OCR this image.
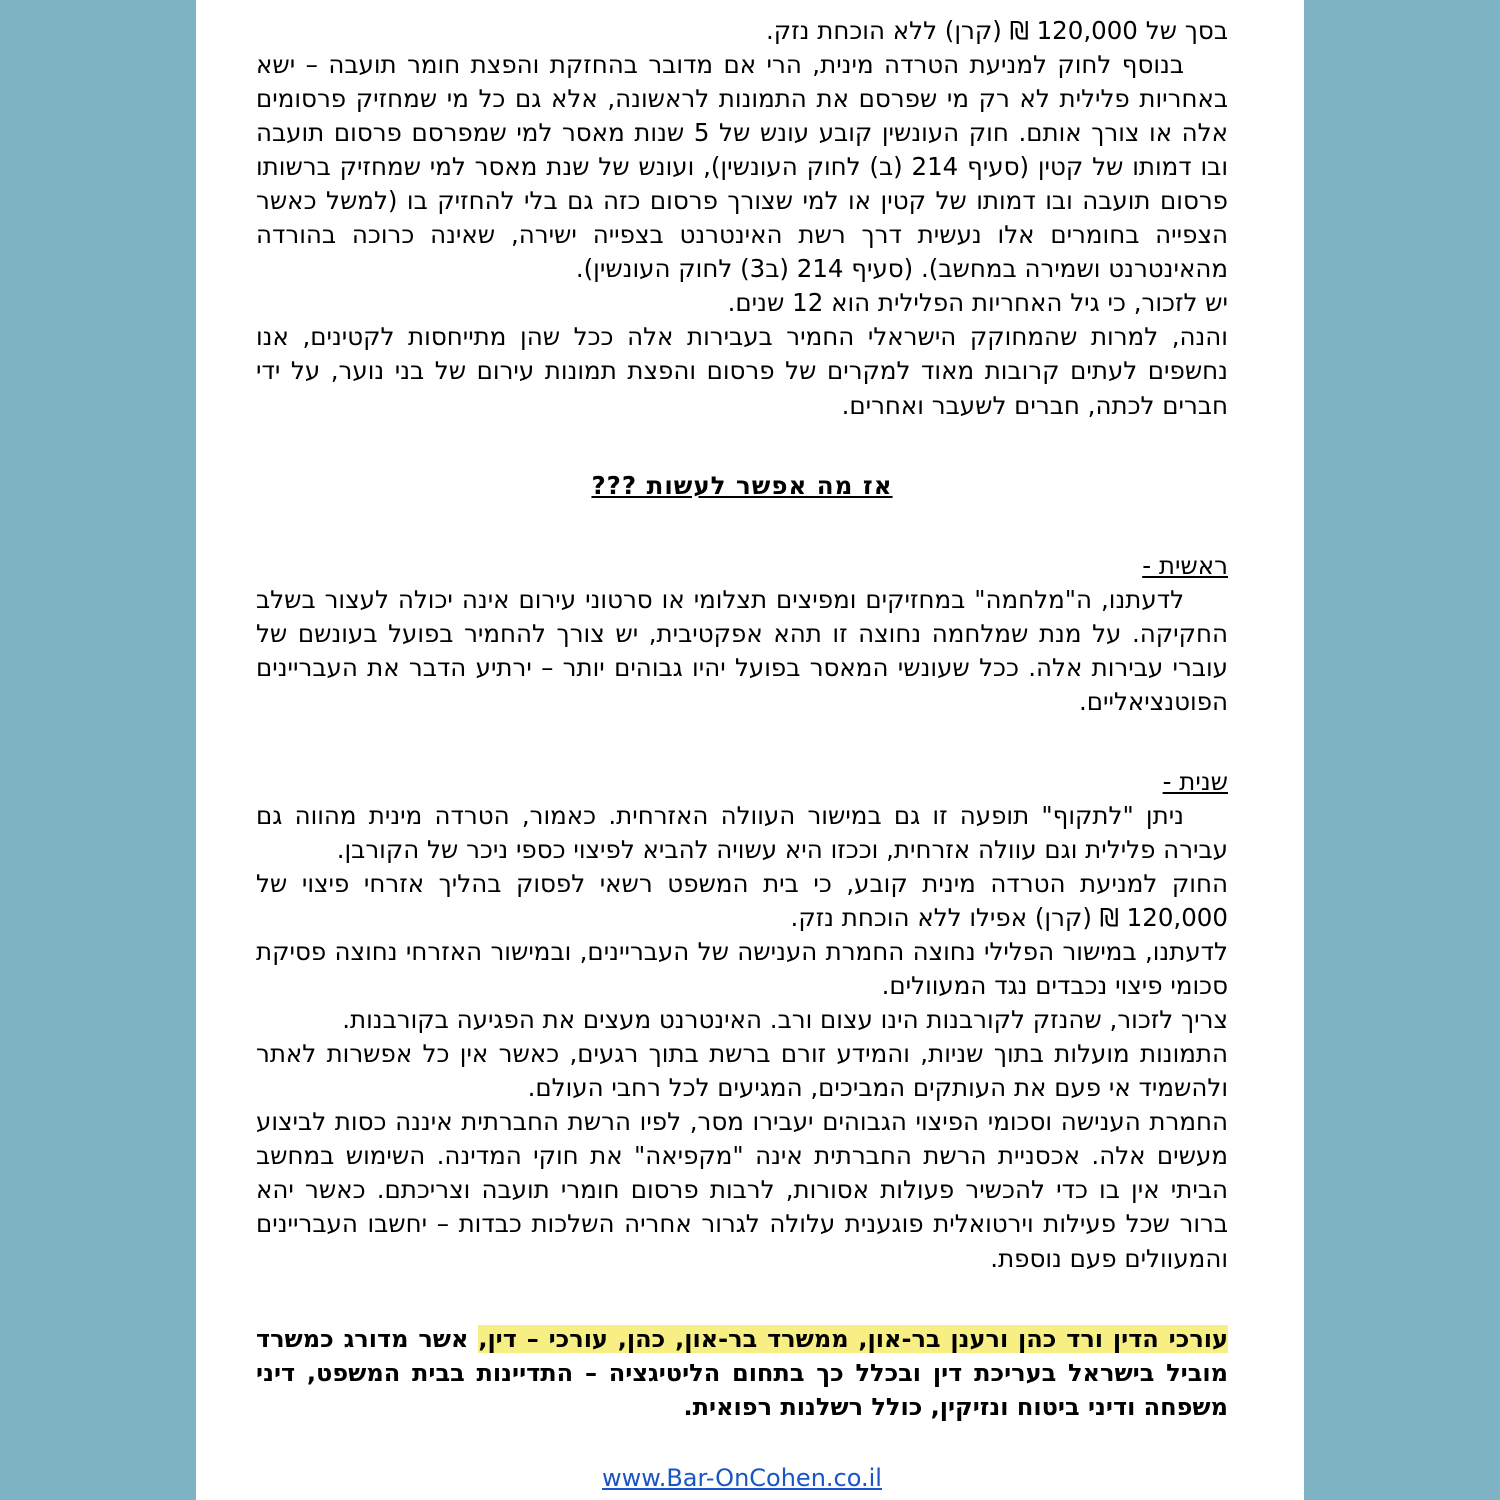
בסך של 120,000 ₪ (קרן) ללא הוכחת נזק.

בנוסף לחוק למניעת הטרדה מינית, הרי אם מדובר בהחזקת והפצת חומר תועבה – ישא באחריות פלילית לא רק מי שפרסם את התמונות לראשונה, אלא גם כל מי שמחזיק פרסומים אלה או צורך אותם. חוק העונשין קובע עונש של 5 שנות מאסר למי שמפרסם פרסום תועבה ובו דמותו של קטין (סעיף 214 (ב) לחוק העונשין), ועונש של שנת מאסר למי שמחזיק ברשותו פרסום תועבה ובו דמותו של קטין או למי שצורך פרסום כזה גם בלי להחזיק בו (למשל כאשר הצפייה בחומרים אלו נעשית דרך רשת האינטרנט בצפייה ישירה, שאינה כרוכה בהורדה מהאינטרנט ושמירה במחשב). (סעיף 214 (ב3) לחוק העונשין).

יש לזכור, כי גיל האחריות הפלילית הוא 12 שנים.

והנה, למרות שהמחוקק הישראלי החמיר בעבירות אלה ככל שהן מתייחסות לקטינים, אנו נחשפים לעתים קרובות מאוד למקרים של פרסום והפצת תמונות עירום של בני נוער, על ידי חברים לכתה, חברים לשעבר ואחרים.

אז מה אפשר לעשות ???

ראשית -

לדעתנו, ה"מלחמה" במחזיקים ומפיצים תצלומי או סרטוני עירום אינה יכולה לעצור בשלב החקיקה. על מנת שמלחמה נחוצה זו תהא אפקטיבית, יש צורך להחמיר בפועל בעונשם של עוברי עבירות אלה. ככל שעונשי המאסר בפועל יהיו גבוהים יותר – ירתיע הדבר את העבריינים הפוטנציאליים.

שנית -

ניתן "לתקוף" תופעה זו גם במישור העוולה האזרחית. כאמור, הטרדה מינית מהווה גם עבירה פלילית וגם עוולה אזרחית, וככזו היא עשויה להביא לפיצוי כספי ניכר של הקורבן.

החוק למניעת הטרדה מינית קובע, כי בית המשפט רשאי לפסוק בהליך אזרחי פיצוי של 120,000 ₪ (קרן) אפילו ללא הוכחת נזק.

לדעתנו, במישור הפלילי נחוצה החמרת הענישה של העבריינים, ובמישור האזרחי נחוצה פסיקת סכומי פיצוי נכבדים נגד המעוולים.

צריך לזכור, שהנזק לקורבנות הינו עצום ורב. האינטרנט מעצים את הפגיעה בקורבנות.

התמונות מועלות בתוך שניות, והמידע זורם ברשת בתוך רגעים, כאשר אין כל אפשרות לאתר ולהשמיד אי פעם את העותקים המביכים, המגיעים לכל רחבי העולם.

החמרת הענישה וסכומי הפיצוי הגבוהים יעבירו מסר, לפיו הרשת החברתית איננה כסות לביצוע מעשים אלה. אכסניית הרשת החברתית אינה "מקפיאה" את חוקי המדינה. השימוש במחשב הביתי אין בו כדי להכשיר פעולות אסורות, לרבות פרסום חומרי תועבה וצריכתם. כאשר יהא ברור שכל פעילות וירטואלית פוגענית עלולה לגרור אחריה השלכות כבדות – יחשבו העבריינים והמעוולים פעם נוספת.

עורכי הדין ורד כהן ורענן בר-און, ממשרד בר-און, כהן, עורכי – דין, אשר מדורג כמשרד מוביל בישראל בעריכת דין ובכלל כך בתחום הליטיגציה – התדיינות בבית המשפט, דיני משפחה ודיני ביטוח ונזיקין, כולל רשלנות רפואית.

www.Bar-OnCohen.co.il
